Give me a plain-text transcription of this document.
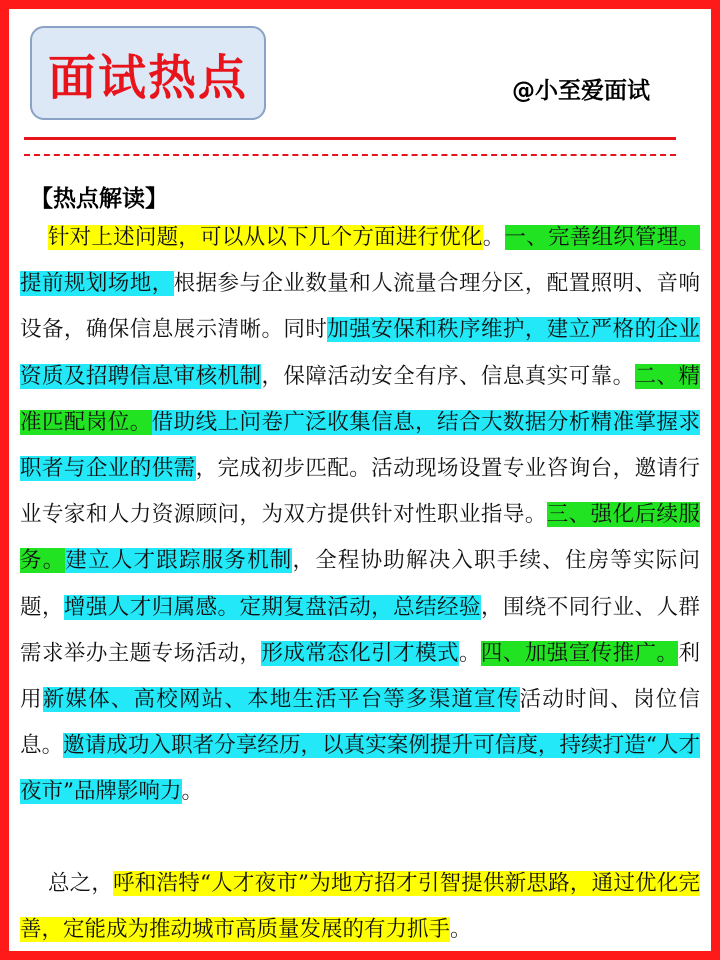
面试热点	@小至爱面试
【热点解读】
针对上述问题，可以从以下几个方面进行优化。一、完善组织管理。提前规划场地，根据参与企业数量和人流量合理分区，配置照明、音响设备，确保信息展示清晰。同时加强安保和秩序维护，建立严格的企业资质及招聘信息审核机制，保障活动安全有序、信息真实可靠。二、精准匹配岗位。借助线上问卷广泛收集信息，结合大数据分析精准掌握求职者与企业的供需，完成初步匹配。活动现场设置专业咨询台，邀请行业专家和人力资源顾问，为双方提供针对性职业指导。三、强化后续服务。建立人才跟踪服务机制，全程协助解决入职手续、住房等实际问题，增强人才归属感。定期复盘活动，总结经验，围绕不同行业、人群需求举办主题专场活动，形成常态化引才模式。四、加强宣传推广。利用新媒体、高校网站、本地生活平台等多渠道宣传活动时间、岗位信息。邀请成功入职者分享经历，以真实案例提升可信度，持续打造“人才夜市”品牌影响力。
总之，呼和浩特“人才夜市”为地方招才引智提供新思路，通过优化完善，定能成为推动城市高质量发展的有力抓手。
